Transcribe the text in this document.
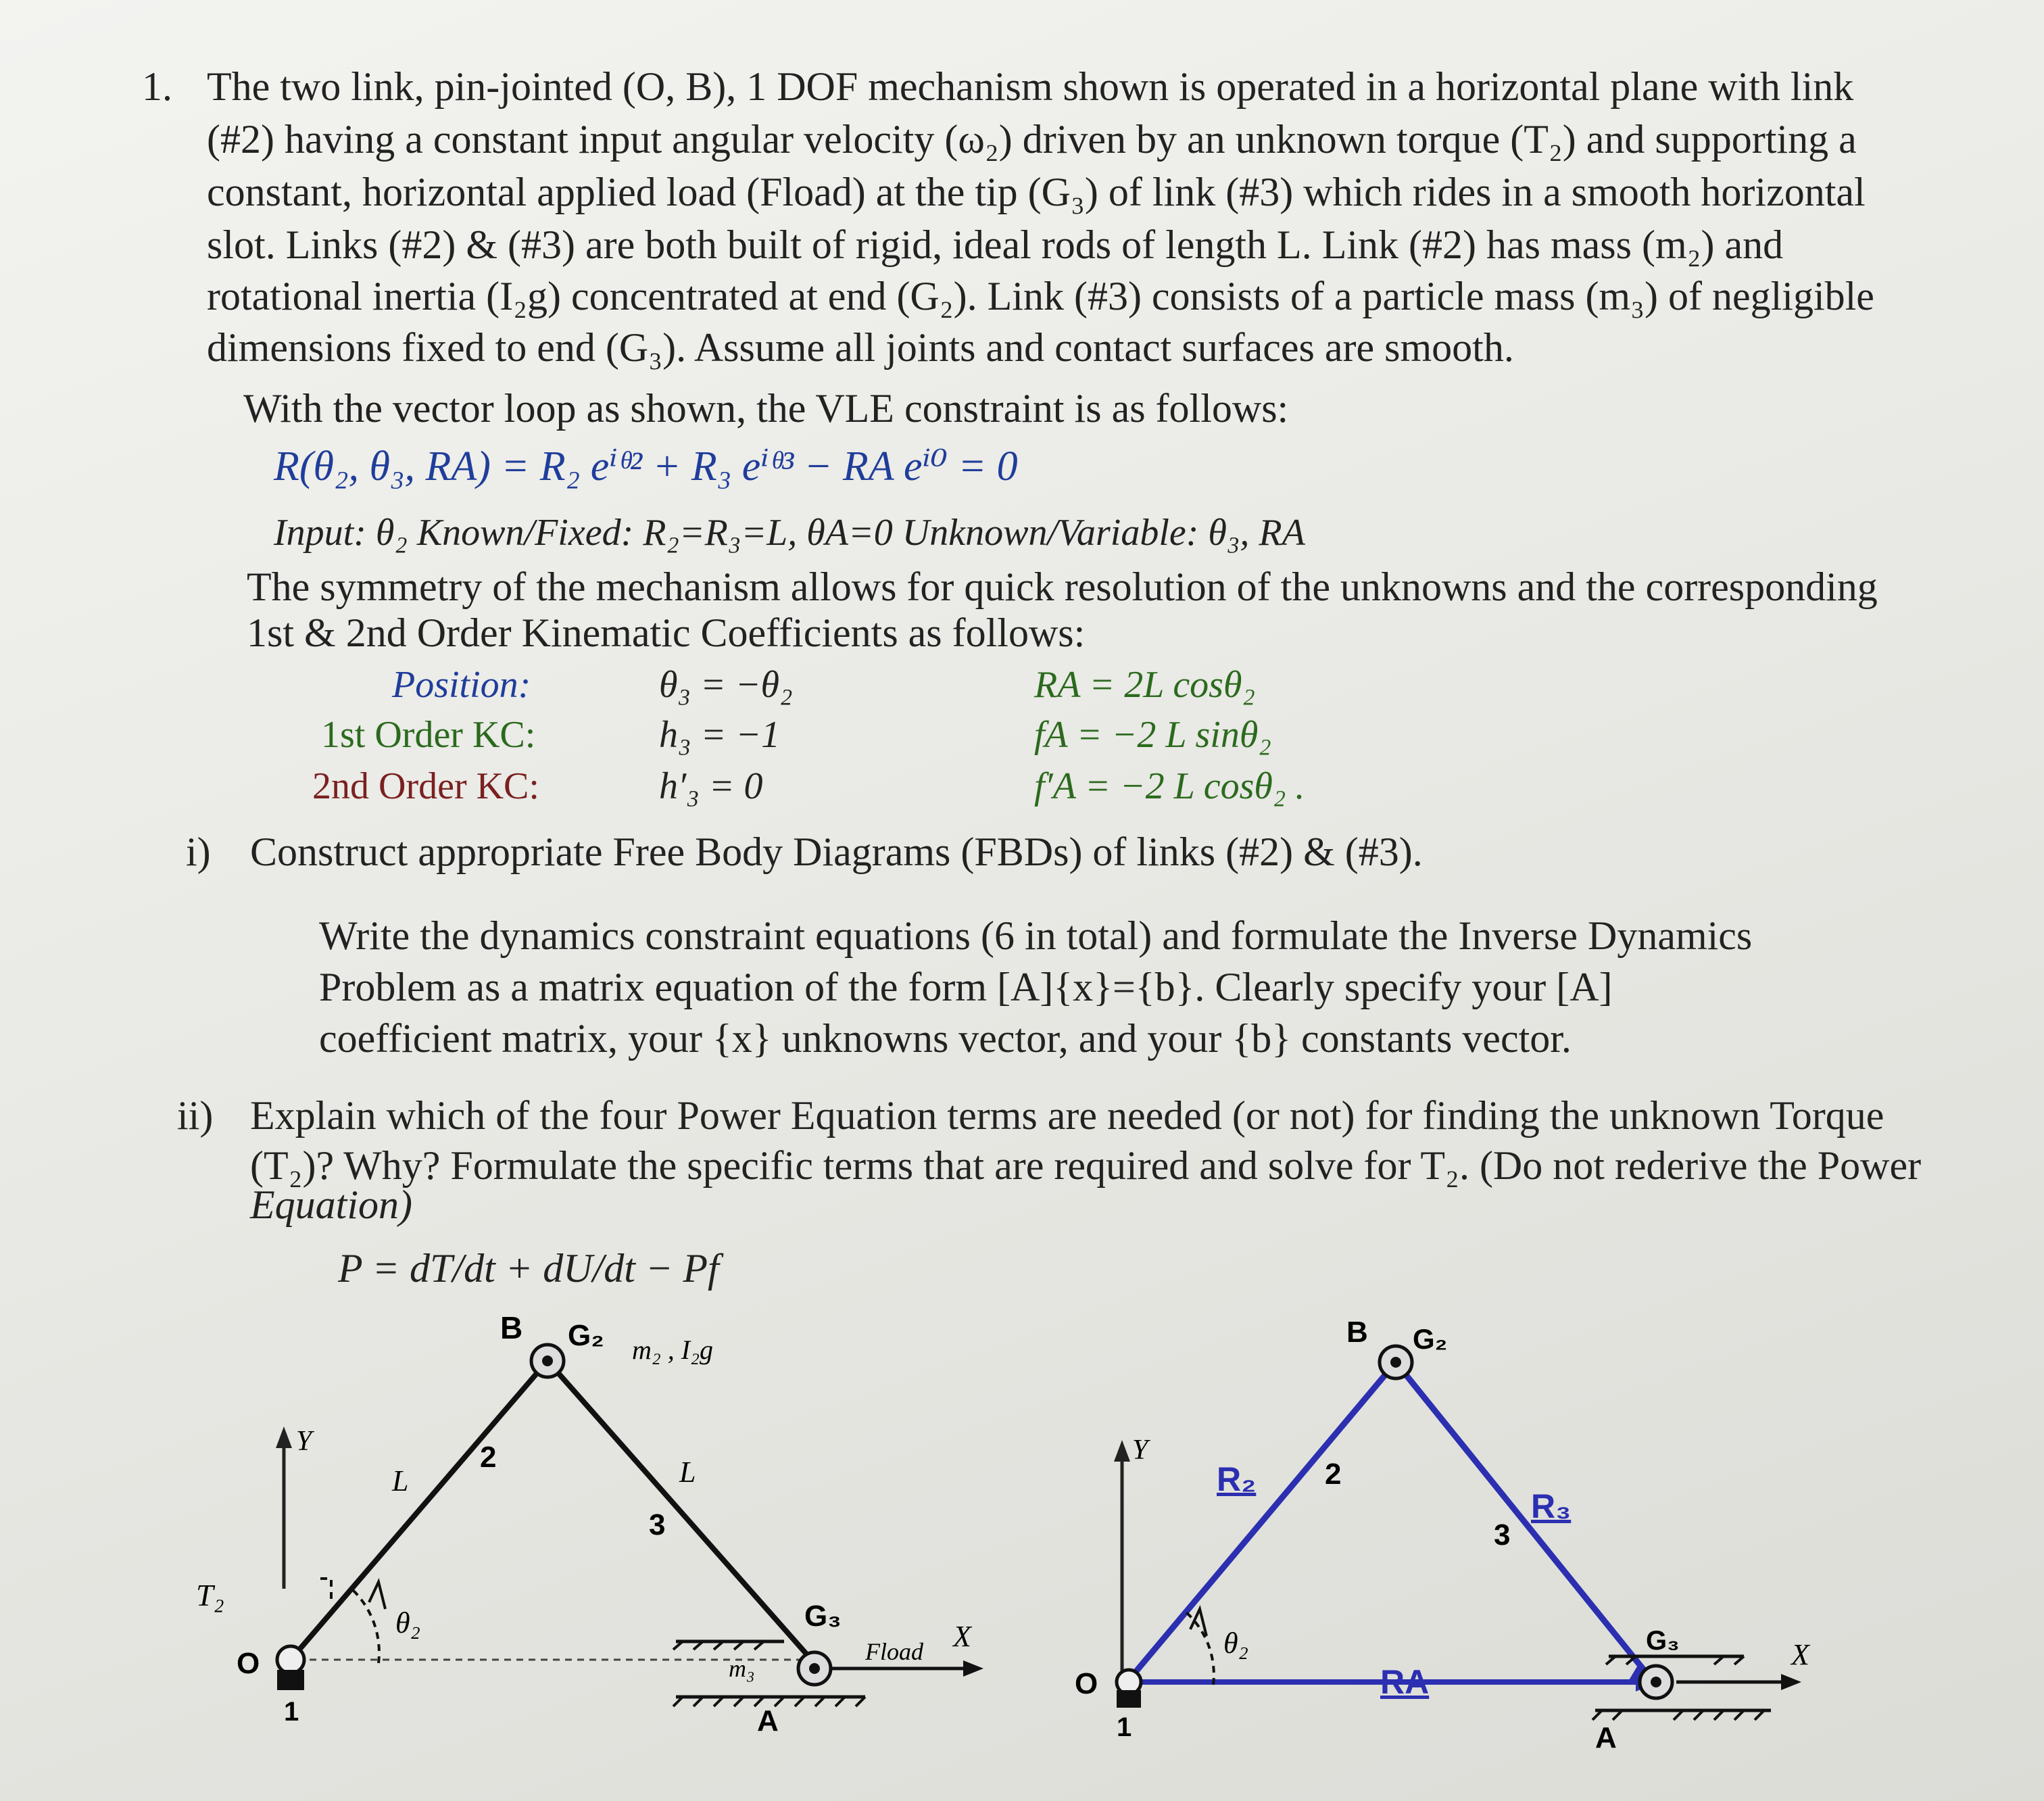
1. The two link, pin-jointed (O, B), 1 DOF mechanism shown is operated in a horizontal plane with link
(#2) having a constant input angular velocity (ω₂) driven by an unknown torque (T₂) and supporting a
constant, horizontal applied load (Fload) at the tip (G₃) of link (#3) which rides in a smooth horizontal
slot. Links (#2) & (#3) are both built of rigid, ideal rods of length L. Link (#2) has mass (m₂) and
rotational inertia (I₂g) concentrated at end (G₂). Link (#3) consists of a particle mass (m₃) of negligible
dimensions fixed to end (G₃). Assume all joints and contact surfaces are smooth.
With the vector loop as shown, the VLE constraint is as follows:
R(θ₂, θ₃, RA) = R₂ eⁱᶿ² + R₃ eⁱᶿ³ − RA eⁱ⁰ = 0
Input: θ₂ Known/Fixed: R₂=R₃=L, θA=0 Unknown/Variable: θ₃, RA
The symmetry of the mechanism allows for quick resolution of the unknowns and the corresponding
1st & 2nd Order Kinematic Coefficients as follows:
Position:	θ₃ = −θ₂	RA = 2L cosθ₂
1st Order KC:	h₃ = −1	fA = −2 L sinθ₂
2nd Order KC:	h′₃ = 0	f′A = −2 L cosθ₂ .
i) Construct appropriate Free Body Diagrams (FBDs) of links (#2) & (#3).
Write the dynamics constraint equations (6 in total) and formulate the Inverse Dynamics
Problem as a matrix equation of the form [A]{x}={b}. Clearly specify your [A]
coefficient matrix, your {x} unknowns vector, and your {b} constants vector.
ii) Explain which of the four Power Equation terms are needed (or not) for finding the unknown Torque
(T₂)? Why? Formulate the specific terms that are required and solve for T₂. (Do not rederive the Power
Equation)
P = dT/dt + dU/dt − Pf
Y
T₂
B G₂ m₂ , I₂g
L
2	L
3
θ₂
O
1
G₃
Fload X
m₃
A
Y
B G₂
R₂ 2
R₃
3
θ₂
O
1
RA
G₃	X
A
